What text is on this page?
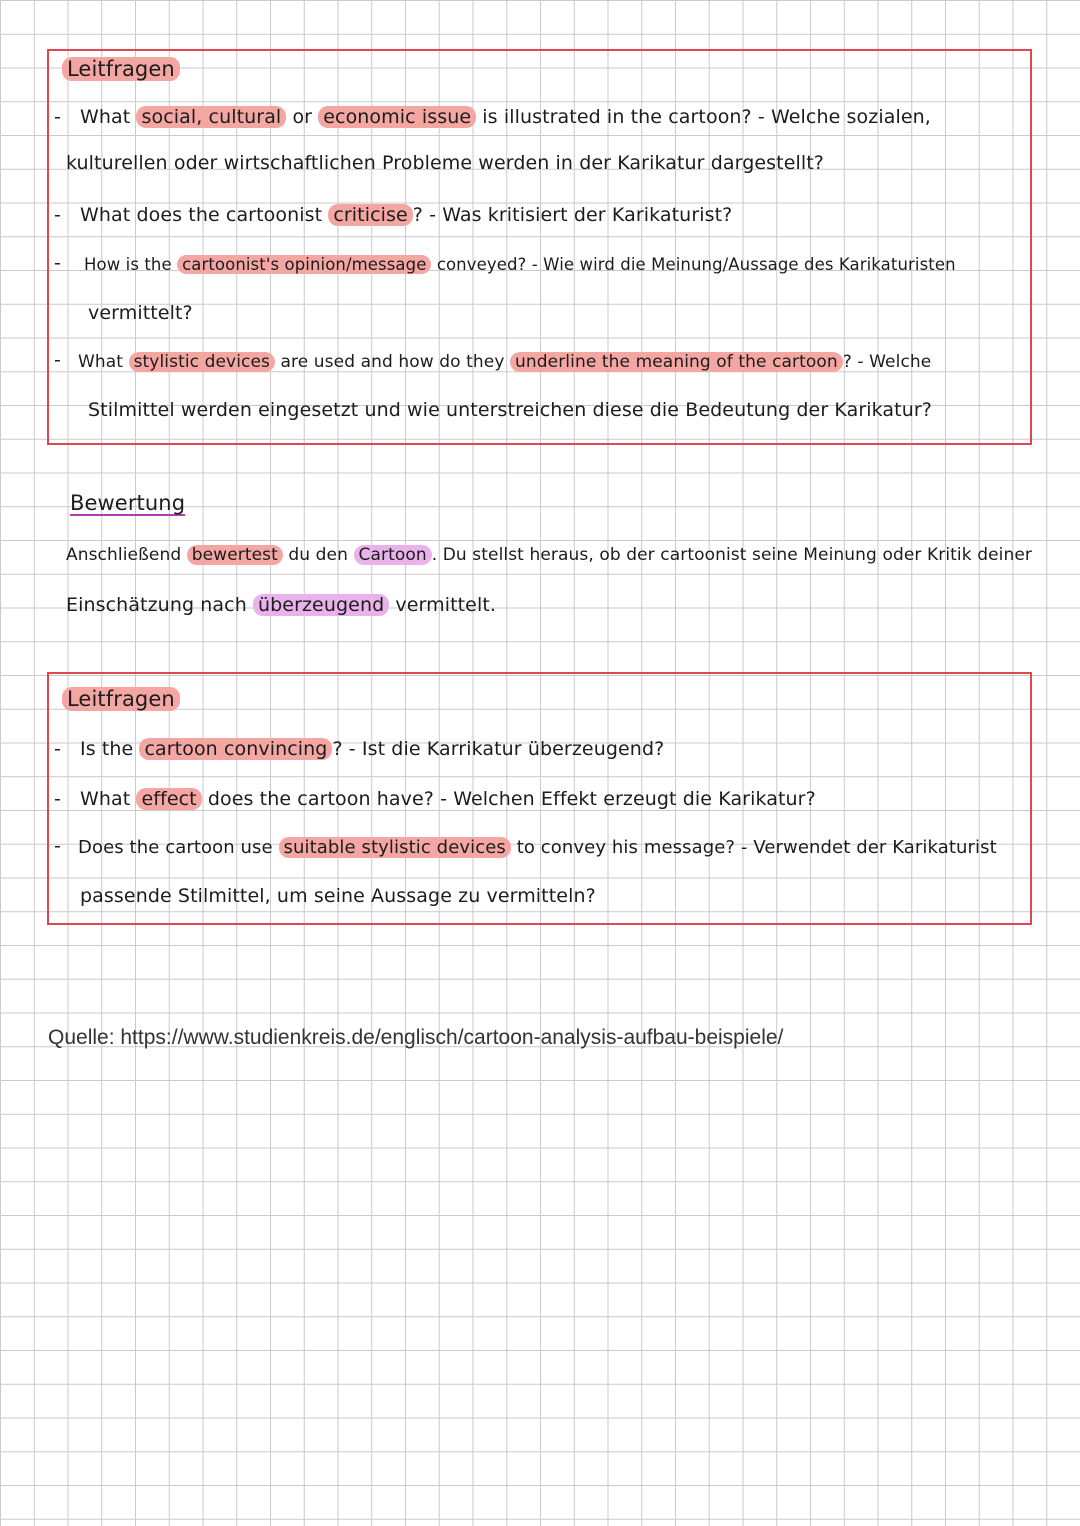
Leitfragen
- What social, cultural or economic issue is illustrated in the cartoon? - Welche sozialen,
kulturellen oder wirtschaftlichen Probleme werden in der Karikatur dargestellt?
- What does the cartoonist criticise ? - Was kritisiert der Karikaturist?
- How is the cartoonist's opinion/message conveyed? - Wie wird die Meinung/Aussage des Karikaturisten
vermittelt?
- What stylistic devices are used and how do they underline the meaning of the cartoon ? - Welche
Stilmittel werden eingesetzt und wie unterstreichen diese die Bedeutung der Karikatur?
Bewertung
Anschließend bewertest du den Cartoon . Du stellst heraus, ob der cartoonist seine Meinung oder Kritik deiner
Einschätzung nach überzeugend vermittelt.
Leitfragen
- Is the cartoon convincing ? - Ist die Karrikatur überzeugend?
- What effect does the cartoon have? - Welchen Effekt erzeugt die Karikatur?
- Does the cartoon use suitable stylistic devices to convey his message? - Verwendet der Karikaturist
passende Stilmittel, um seine Aussage zu vermitteln?
Quelle: https://www.studienkreis.de/englisch/cartoon-analysis-aufbau-beispiele/
